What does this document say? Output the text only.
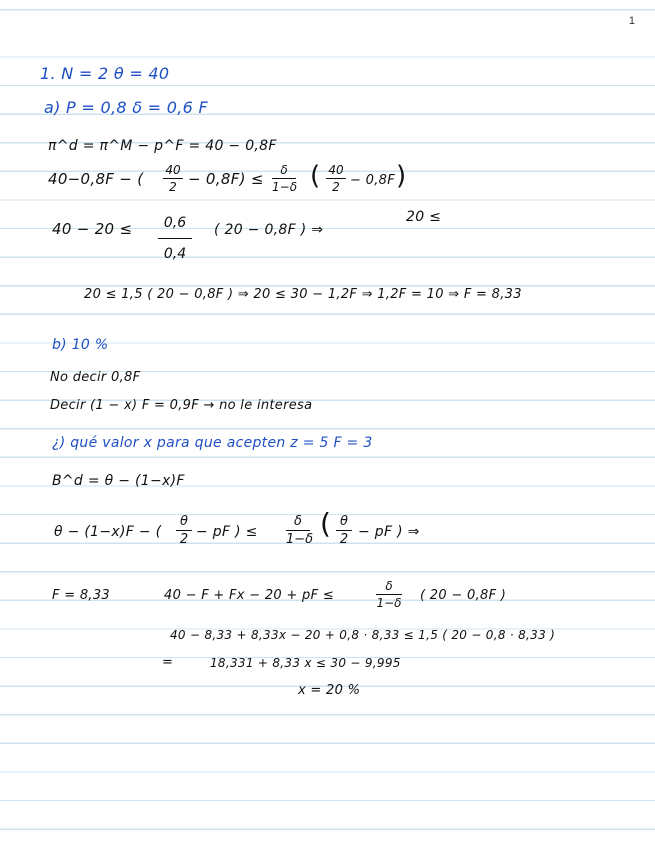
1
1. N = 2 θ = 40
a) P = 0,8 δ = 0,6 F
π^d = π^M − p^F = 40 − 0,8F
40−0,8F − ( 40
2 − 0,8F) ≤	δ
1−δ ( 40
2 − 0,8F )
40 − 20 ≤	0,6
0,4
( 20 − 0,8F ) ⇒
20 ≤
20 ≤ 1,5 ( 20 − 0,8F ) ⇒ 20 ≤ 30 − 1,2F ⇒ 1,2F = 10 ⇒ F = 8,33
b) 10 %
No decir 0,8F
Decir (1 − x) F = 0,9F → no le interesa
¿) qué valor x para que acepten z = 5 F = 3
B^d = θ − (1−x)F
θ − (1−x)F − (
θ
2 − pF ) ≤
δ
1−δ ( θ
2 − pF ) ⇒
F = 8,33	40 − F + Fx − 20 + pF ≤
δ
1−δ
( 20 − 0,8F )
40 − 8,33 + 8,33x − 20 + 0,8 · 8,33 ≤ 1,5 ( 20 − 0,8 · 8,33 )
=	18,331 + 8,33 x ≤ 30 − 9,995
x = 20 %
